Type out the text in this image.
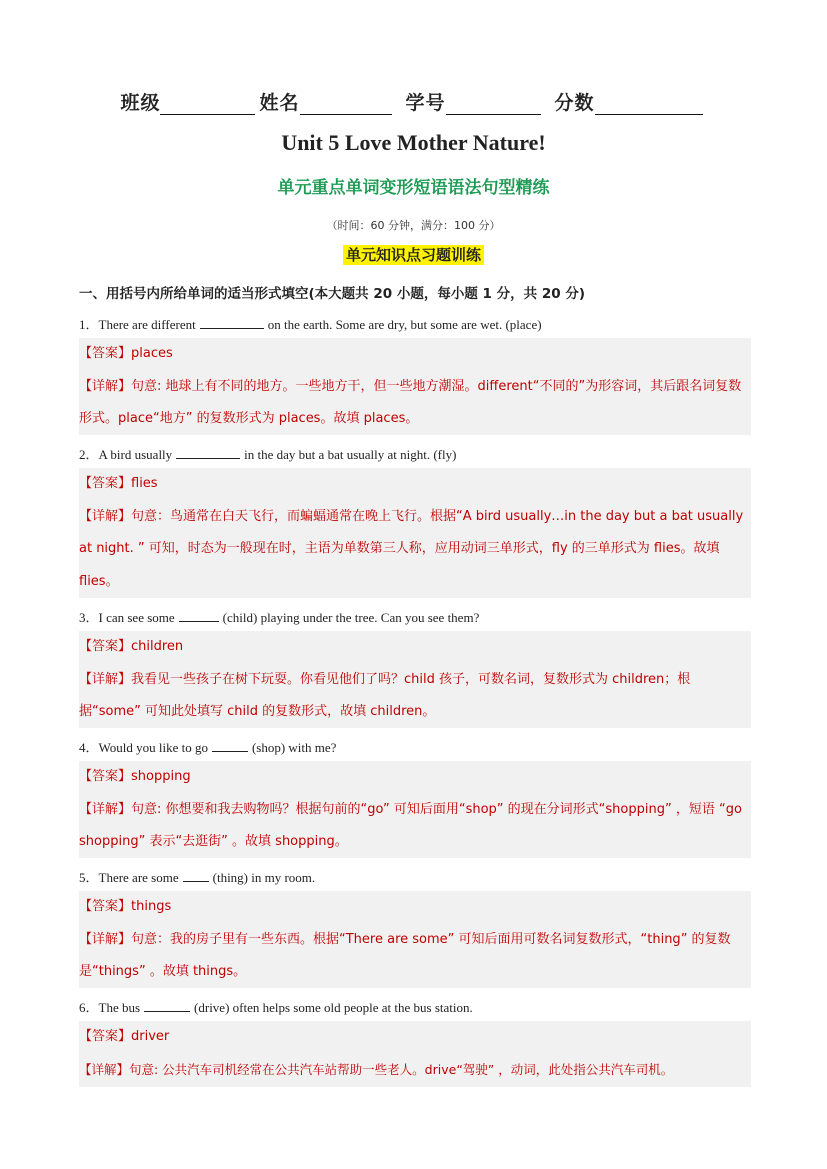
班级	姓名	学号	分数
Unit 5 Love Mother Nature!
单元重点单词变形短语语法句型精练
（时间：60 分钟，满分：100 分）
单元知识点习题训练
一、用括号内所给单词的适当形式填空(本大题共 20 小题，每小题 1 分，共 20 分)
1．There are different	on the earth. Some are dry, but some are wet. (place)
【答案】places
【详解】句意: 地球上有不同的地方。一些地方干，但一些地方潮湿。different“不同的”为形容词，其后跟名词复数形式。place“地方” 的复数形式为 places。故填 places。
2．A bird usually	in the day but a bat usually at night. (fly)
【答案】flies
【详解】句意：鸟通常在白天飞行，而蝙蝠通常在晚上飞行。根据“A bird usually…in the day but a bat usually at night. ” 可知，时态为一般现在时，主语为单数第三人称，应用动词三单形式，fly 的三单形式为 flies。故填 flies。
3．I can see some	(child) playing under the tree. Can you see them?
【答案】children
【详解】我看见一些孩子在树下玩耍。你看见他们了吗？child 孩子，可数名词，复数形式为 children；根据“some” 可知此处填写 child 的复数形式，故填 children。
4．Would you like to go	(shop) with me?
【答案】shopping
【详解】句意: 你想要和我去购物吗？根据句前的“go” 可知后面用“shop” 的现在分词形式“shopping” ，短语 “go shopping” 表示“去逛街” 。故填 shopping。
5．There are some	(thing) in my room.
【答案】things
【详解】句意：我的房子里有一些东西。根据“There are some” 可知后面用可数名词复数形式，“thing” 的复数是“things” 。故填 things。
6．The bus	(drive) often helps some old people at the bus station.
【答案】driver
【详解】句意: 公共汽车司机经常在公共汽车站帮助一些老人。drive“驾驶” ，动词，此处指公共汽车司机。
